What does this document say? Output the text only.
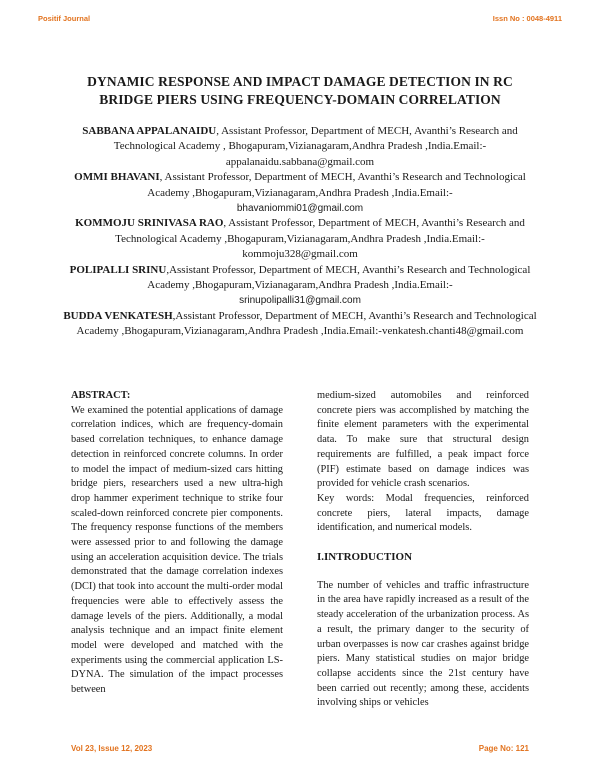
Positif Journal	Issn No : 0048-4911
DYNAMIC RESPONSE AND IMPACT DAMAGE DETECTION IN RC BRIDGE PIERS USING FREQUENCY-DOMAIN CORRELATION

SABBANA APPALANAIDU, Assistant Professor, Department of MECH, Avanthi’s Research and Technological Academy , Bhogapuram,Vizianagaram,Andhra Pradesh ,India.Email:-appalanaidu.sabbana@gmail.com

OMMI BHAVANI, Assistant Professor, Department of MECH, Avanthi’s Research and Technological Academy ,Bhogapuram,Vizianagaram,Andhra Pradesh ,India.Email:-
bhavaniommi01@gmail.com

KOMMOJU SRINIVASA RAO, Assistant Professor, Department of MECH, Avanthi’s Research and Technological Academy ,Bhogapuram,Vizianagaram,Andhra Pradesh ,India.Email:-kommoju328@gmail.com

POLIPALLI SRINU,Assistant Professor, Department of MECH, Avanthi’s Research and Technological Academy ,Bhogapuram,Vizianagaram,Andhra Pradesh ,India.Email:-
srinupolipalli31@gmail.com

BUDDA VENKATESH,Assistant Professor, Department of MECH, Avanthi’s Research and Technological Academy ,Bhogapuram,Vizianagaram,Andhra Pradesh ,India.Email:-venkatesh.chanti48@gmail.com

ABSTRACT:

We examined the potential applications of damage correlation indices, which are frequency-domain based correlation techniques, to enhance damage detection in reinforced concrete columns. In order to model the impact of medium-sized cars hitting bridge piers, researchers used a new ultra-high drop hammer experiment technique to strike four scaled-down reinforced concrete pier components. The frequency response functions of the members were assessed prior to and following the damage using an acceleration acquisition device. The trials demonstrated that the damage correlation indexes (DCI) that took into account the multi-order modal frequencies were able to effectively assess the damage levels of the piers. Additionally, a modal analysis technique and an impact finite element model were developed and matched with the experiments using the commercial application LS-DYNA. The simulation of the impact processes between

medium-sized automobiles and reinforced concrete piers was accomplished by matching the finite element parameters with the experimental data. To make sure that structural design requirements are fulfilled, a peak impact force (PIF) estimate based on damage indices was provided for vehicle crash scenarios.

Key words: Modal frequencies, reinforced concrete piers, lateral impacts, damage identification, and numerical models.

I.INTRODUCTION

The number of vehicles and traffic infrastructure in the area have rapidly increased as a result of the steady acceleration of the urbanization process. As a result, the primary danger to the security of urban overpasses is now car crashes against bridge piers. Many statistical studies on major bridge collapse accidents since the 21st century have been carried out recently; among these, accidents involving ships or vehicles

Vol 23, Issue 12, 2023	Page No: 121
